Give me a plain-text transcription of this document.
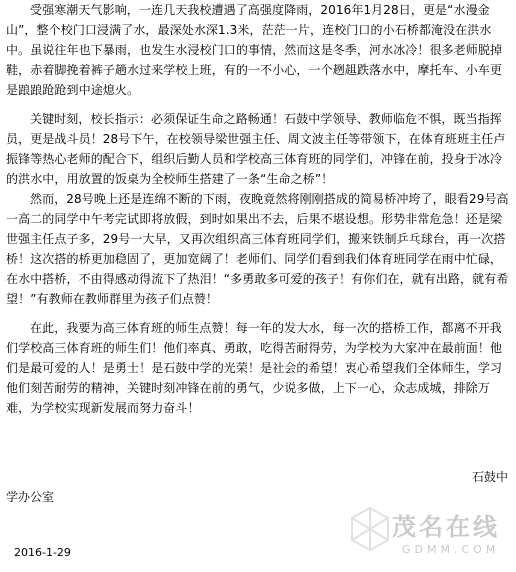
受强寒潮天气影响，一连几天我校遭遇了高强度降雨，2016年1月28日，更是“水漫金山”，整个校门口浸满了水，最深处水深1.3米，茫茫一片，连校门口的小石桥都淹没在洪水中。虽说往年也下暴雨，也发生水浸校门口的事情，然而这是冬季，河水冰冷！很多老师脱掉鞋，赤着脚挽着裤子趟水过来学校上班，有的一不小心，一个趔趄跌落水中，摩托车、小车更是踉踉跄跄到中途熄火。

关键时刻，校长指示：必须保证生命之路畅通！石鼓中学领导、教师临危不惧，既当指挥员，更是战斗员！28号下午，在校领导梁世强主任、周文波主任等带领下，在体育班班主任卢振锋等热心老师的配合下，组织后勤人员和学校高三体育班的同学们，冲锋在前，投身于冰冷的洪水中，用放置的饭桌为全校师生搭建了一条“生命之桥”！

然而，28号晚上还是连绵不断的下雨，夜晚竟然将刚刚搭成的简易桥冲垮了，眼看29号高一高二的同学中午考完试即将放假，到时如果出不去，后果不堪设想。形势非常危急！还是梁世强主任点子多，29号一大早，又再次组织高三体育班同学们，搬来铁制乒乓球台，再一次搭桥！这次搭的桥更加稳固了，更加宽阔了！老师们、同学们看到我们体育班同学在雨中忙碌，在水中搭桥，不由得感动得流下了热泪！“多勇敢多可爱的孩子！有你们在，就有出路，就有希望！”有教师在教师群里为孩子们点赞！

在此，我要为高三体育班的师生点赞！每一年的发大水，每一次的搭桥工作，都离不开我们学校高三体育班的师生们！他们率真、勇敢，吃得苦耐得劳，为学校为大家冲在最前面！他们是最可爱的人！是勇士！是石鼓中学的光荣！是社会的希望！衷心希望我们全体师生，学习他们刻苦耐劳的精神，关键时刻冲锋在前的勇气，少说多做，上下一心，众志成城，排除万难，为学校实现新发展而努力奋斗！

石鼓中
学办公室
2016-1-29
茂名在线
GDMM.COM
